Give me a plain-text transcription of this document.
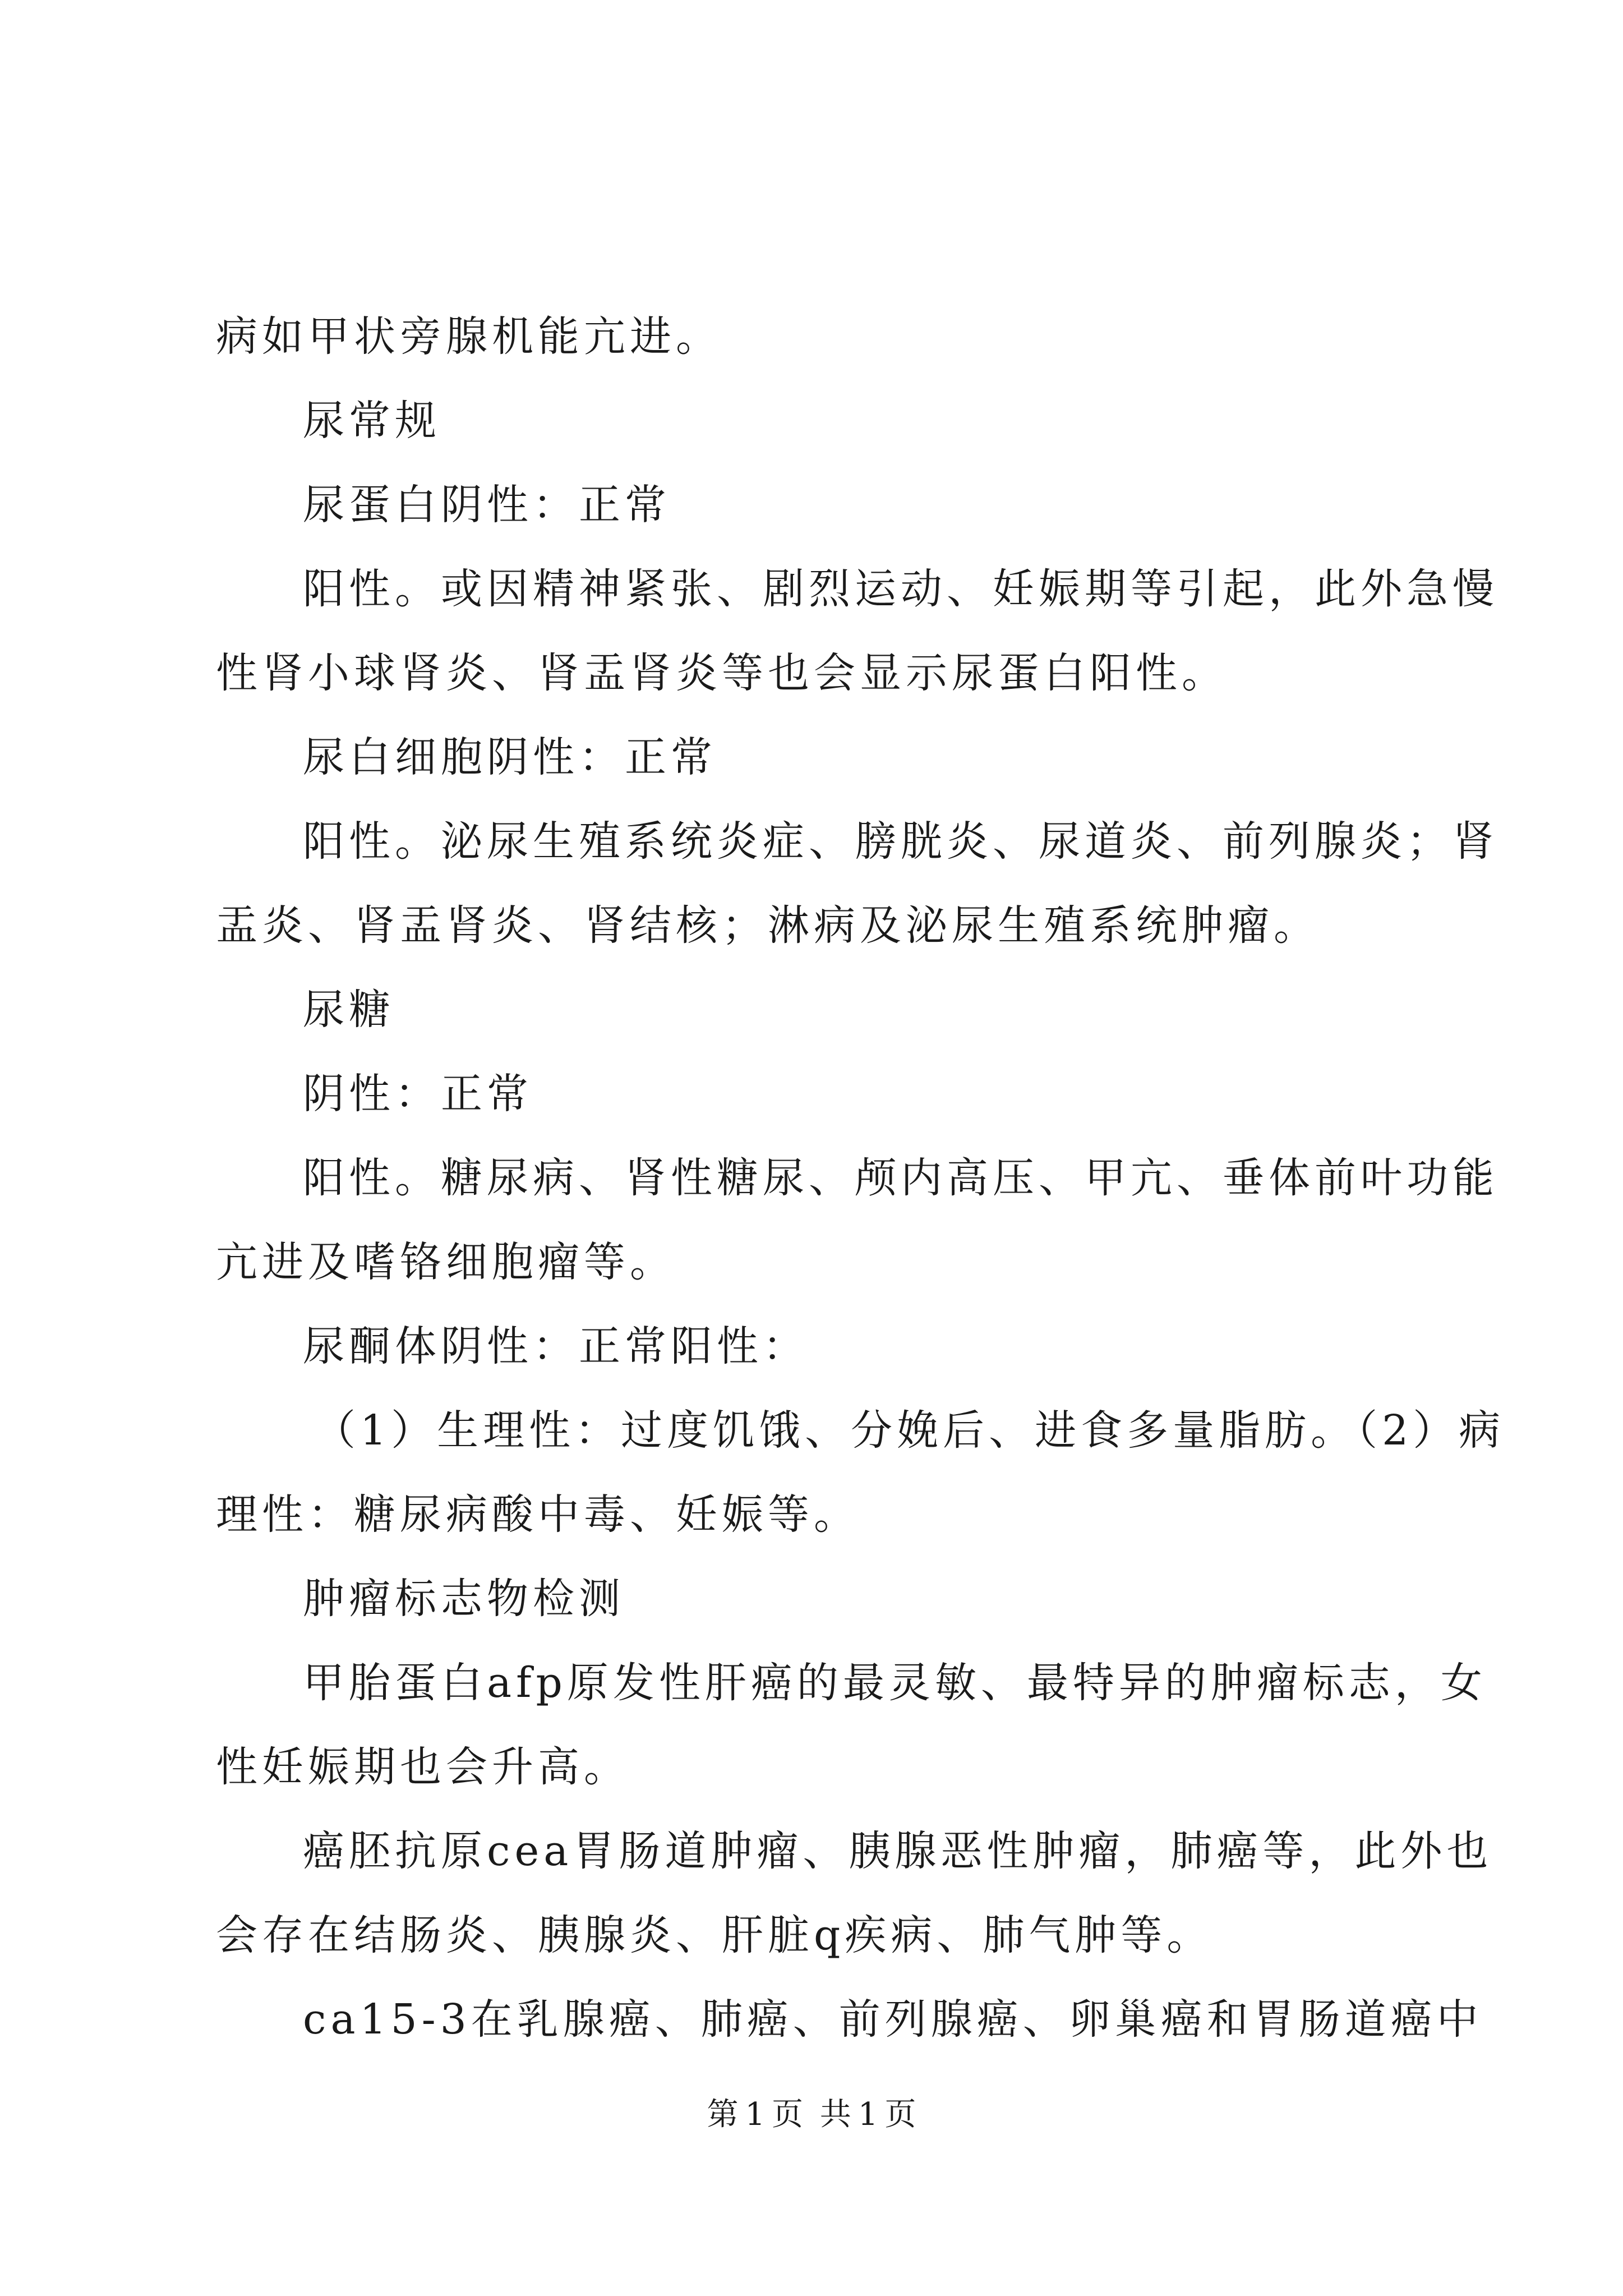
病如甲状旁腺机能亢进。
尿常规
尿蛋白阴性：正常
阳性。或因精神紧张、剧烈运动、妊娠期等引起，此外急慢
性肾小球肾炎、肾盂肾炎等也会显示尿蛋白阳性。
尿白细胞阴性：正常
阳性。泌尿生殖系统炎症、膀胱炎、尿道炎、前列腺炎；肾
盂炎、肾盂肾炎、肾结核；淋病及泌尿生殖系统肿瘤。
尿糖
阴性：正常
阳性。糖尿病、肾性糖尿、颅内高压、甲亢、垂体前叶功能
亢进及嗜铬细胞瘤等。
尿酮体阴性：正常阳性：
（1）生理性：过度饥饿、分娩后、进食多量脂肪。（2）病
理性：糖尿病酸中毒、妊娠等。
肿瘤标志物检测
甲胎蛋白afp原发性肝癌的最灵敏、最特异的肿瘤标志，女
性妊娠期也会升高。
癌胚抗原cea胃肠道肿瘤、胰腺恶性肿瘤，肺癌等，此外也
会存在结肠炎、胰腺炎、肝脏q疾病、肺气肿等。
ca15-3在乳腺癌、肺癌、前列腺癌、卵巢癌和胃肠道癌中
第 1 页 共 1 页
